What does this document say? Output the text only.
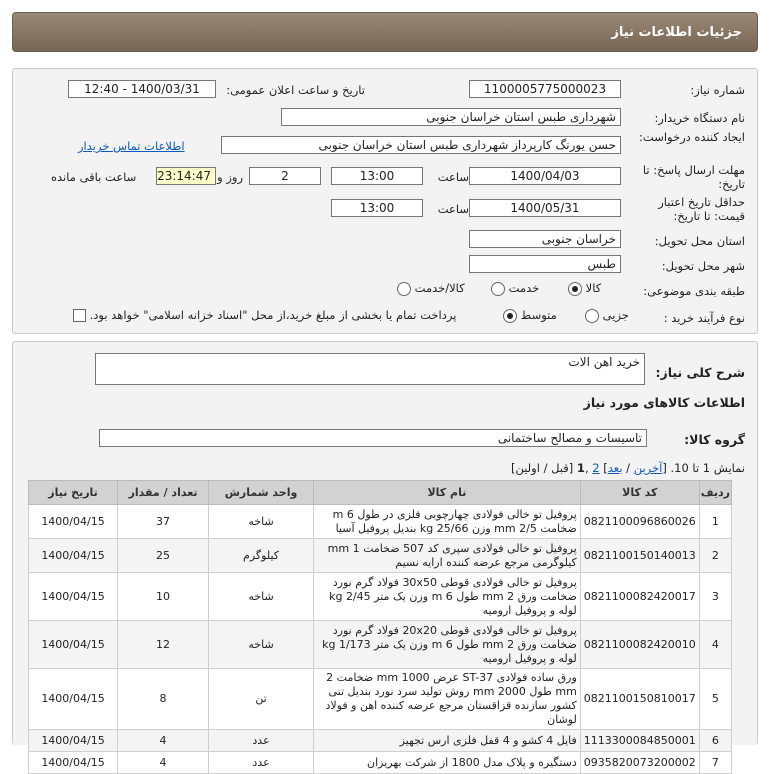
جزئیات اطلاعات نیاز
شماره نیاز:
1100005775000023
تاریخ و ساعت اعلان عمومی:
1400/03/31 - 12:40
نام دستگاه خریدار:
شهرداری طبس استان خراسان جنوبی
ایجاد کننده درخواست:
حسن یورنگ کارپرداز شهرداری طبس استان خراسان جنوبی
اطلاعات تماس خریدار
مهلت ارسال پاسخ: تا تاریخ:
1400/04/03
ساعت
13:00
2
روز و
23:14:47
ساعت باقی مانده
حداقل تاریخ اعتبار قیمت: تا تاریخ:
1400/05/31
ساعت
13:00
استان محل تحویل:
خراسان جنوبی
شهر محل تحویل:
طبس
طبقه بندی موضوعی:
کالا
خدمت
کالا/خدمت
نوع فرآیند خرید :
جزیی
متوسط
پرداخت تمام یا بخشی از مبلغ خرید،از محل "اسناد خزانه اسلامی" خواهد بود.
شرح کلی نیاز:
خرید اهن الات
اطلاعات کالاهای مورد نیاز
گروه کالا:
تاسیسات و مصالح ساختمانی
نمایش 1 تا 10. [آخرین / بعد] 2 ,1 [قبل / اولین]
ردیف	کد کالا	نام کالا	واحد شمارش	تعداد / مقدار	تاریخ نیاز
1	0821100096860026	پروفیل تو خالی فولادی چهارچوبی فلزی در طول 6 m ضخامت 2/5 mm وزن 25/66 kg بندیل پروفیل آسیا	شاخه	37	1400/04/15
2	0821100150140013	پروفیل تو خالی فولادی سپری کد 507 ضخامت 1 mm کیلوگرمی مرجع عرضه کننده ارایه نسیم	کیلوگرم	25	1400/04/15
3	0821100082420017	پروفیل تو خالی فولادی قوطی 30x50 فولاد گرم نورد ضخامت ورق 2 mm طول 6 m وزن یک متر 2/45 kg لوله و پروفیل ارومیه	شاخه	10	1400/04/15
4	0821100082420010	پروفیل تو خالی فولادی قوطی 20x20 فولاد گرم نورد ضخامت ورق 2 mm طول 6 m وزن یک متر 1/173 kg لوله و پروفیل ارومیه	شاخه	12	1400/04/15
5	0821100150810017	ورق ساده فولادی ST-37 عرض 1000 mm ضخامت 2 mm طول 2000 mm روش تولید سرد نورد بندیل تنی کشور سازنده قزاقستان مرجع عرضه کننده اهن و فولاد لوشان	تن	8	1400/04/15
6	1113300084850001	فایل 4 کشو و 4 قفل فلزی ارس تجهیز	عدد	4	1400/04/15
7	0935820073200002	دستگیره و پلاک مدل 1800 از شرکت بهریزان	عدد	4	1400/04/15
